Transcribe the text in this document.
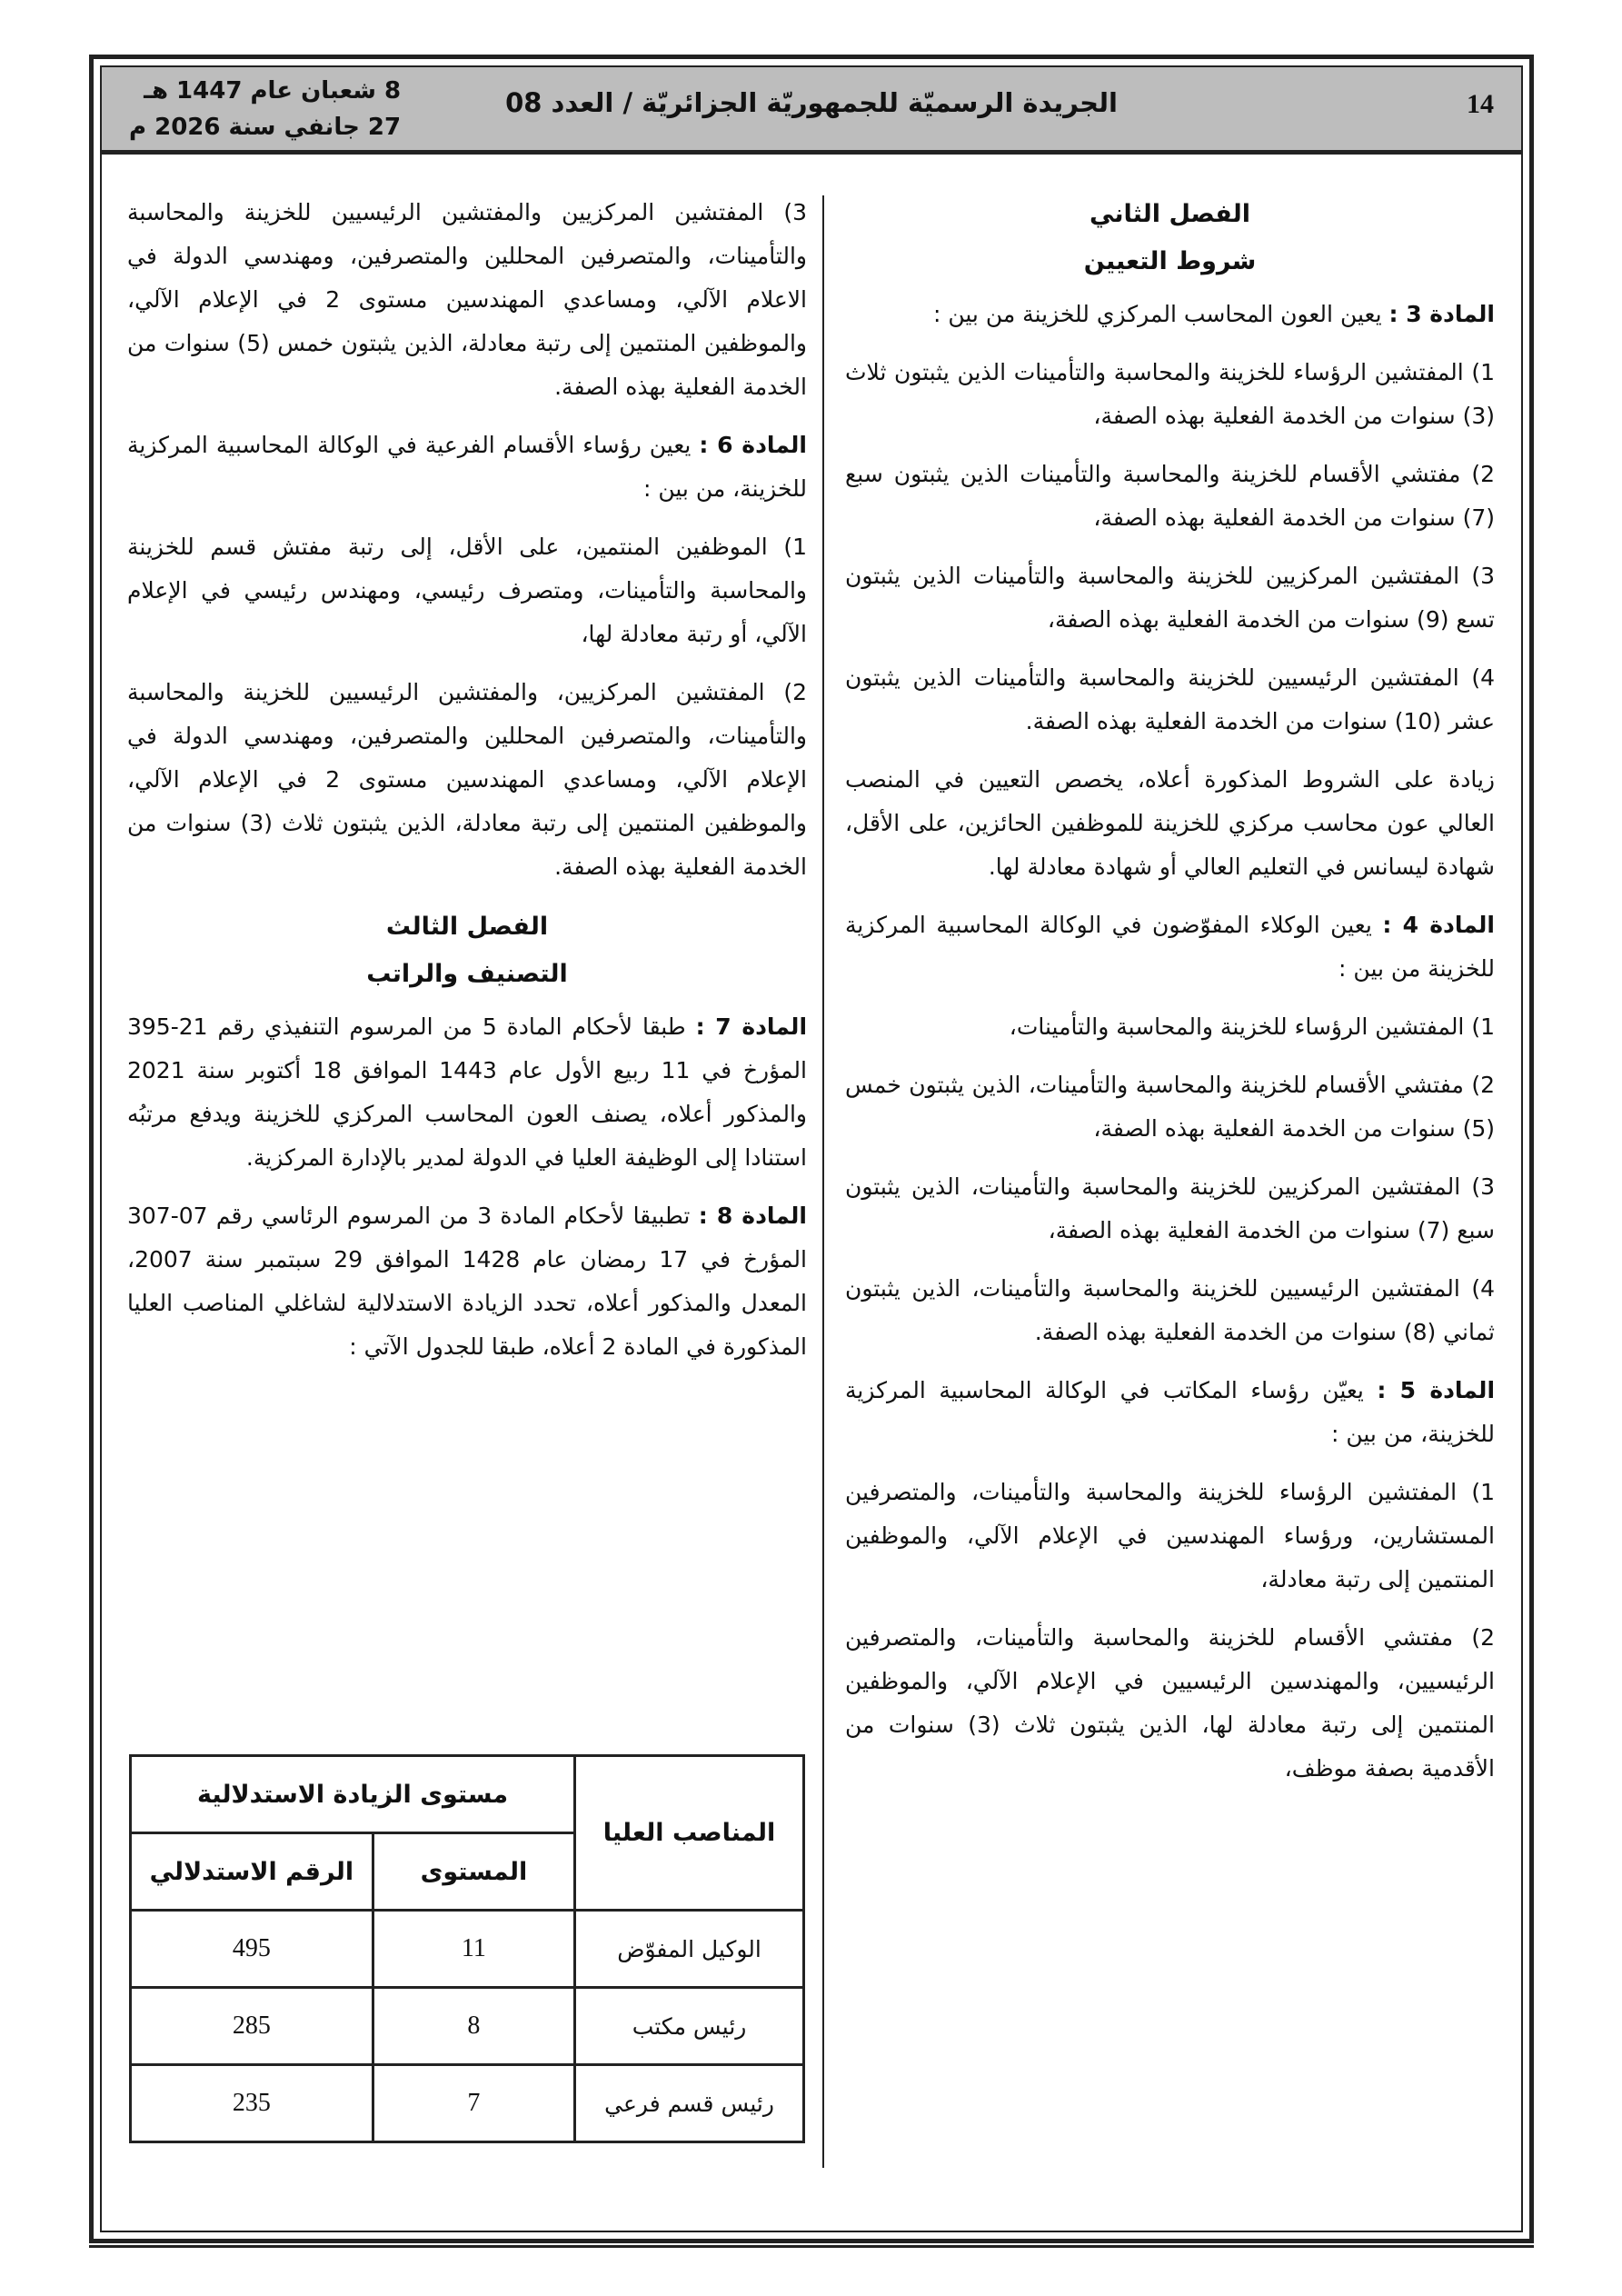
14
الجريدة الرسميّة للجمهوريّة الجزائريّة / العدد 08
8 شعبان عام 1447 هـ
27 جانفي سنة 2026 م
الفصل الثاني
شروط التعيين

المادة 3 : يعين العون المحاسب المركزي للخزينة من بين :

1) المفتشين الرؤساء للخزينة والمحاسبة والتأمينات الذين يثبتون ثلاث (3) سنوات من الخدمة الفعلية بهذه الصفة،

2) مفتشي الأقسام للخزينة والمحاسبة والتأمينات الذين يثبتون سبع (7) سنوات من الخدمة الفعلية بهذه الصفة،

3) المفتشين المركزيين للخزينة والمحاسبة والتأمينات الذين يثبتون تسع (9) سنوات من الخدمة الفعلية بهذه الصفة،

4) المفتشين الرئيسيين للخزينة والمحاسبة والتأمينات الذين يثبتون عشر (10) سنوات من الخدمة الفعلية بهذه الصفة.

زيادة على الشروط المذكورة أعلاه، يخصص التعيين في المنصب العالي عون محاسب مركزي للخزينة للموظفين الحائزين، على الأقل، شهادة ليسانس في التعليم العالي أو شهادة معادلة لها.

المادة 4 : يعين الوكلاء المفوّضون في الوكالة المحاسبية المركزية للخزينة من بين :

1) المفتشين الرؤساء للخزينة والمحاسبة والتأمينات،

2) مفتشي الأقسام للخزينة والمحاسبة والتأمينات، الذين يثبتون خمس (5) سنوات من الخدمة الفعلية بهذه الصفة،

3) المفتشين المركزيين للخزينة والمحاسبة والتأمينات، الذين يثبتون سبع (7) سنوات من الخدمة الفعلية بهذه الصفة،

4) المفتشين الرئيسيين للخزينة والمحاسبة والتأمينات، الذين يثبتون ثماني (8) سنوات من الخدمة الفعلية بهذه الصفة.

المادة 5 : يعيّن رؤساء المكاتب في الوكالة المحاسبية المركزية للخزينة، من بين :

1) المفتشين الرؤساء للخزينة والمحاسبة والتأمينات، والمتصرفين المستشارين، ورؤساء المهندسين في الإعلام الآلي، والموظفين المنتمين إلى رتبة معادلة،

2) مفتشي الأقسام للخزينة والمحاسبة والتأمينات، والمتصرفين الرئيسيين، والمهندسين الرئيسيين في الإعلام الآلي، والموظفين المنتمين إلى رتبة معادلة لها، الذين يثبتون ثلاث (3) سنوات من الأقدمية بصفة موظف،

3) المفتشين المركزيين والمفتشين الرئيسيين للخزينة والمحاسبة والتأمينات، والمتصرفين المحللين والمتصرفين، ومهندسي الدولة في الاعلام الآلي، ومساعدي المهندسين مستوى 2 في الإعلام الآلي، والموظفين المنتمين إلى رتبة معادلة، الذين يثبتون خمس (5) سنوات من الخدمة الفعلية بهذه الصفة.

المادة 6 : يعين رؤساء الأقسام الفرعية في الوكالة المحاسبية المركزية للخزينة، من بين :

1) الموظفين المنتمين، على الأقل، إلى رتبة مفتش قسم للخزينة والمحاسبة والتأمينات، ومتصرف رئيسي، ومهندس رئيسي في الإعلام الآلي، أو رتبة معادلة لها،

2) المفتشين المركزيين، والمفتشين الرئيسيين للخزينة والمحاسبة والتأمينات، والمتصرفين المحللين والمتصرفين، ومهندسي الدولة في الإعلام الآلي، ومساعدي المهندسين مستوى 2 في الإعلام الآلي، والموظفين المنتمين إلى رتبة معادلة، الذين يثبتون ثلاث (3) سنوات من الخدمة الفعلية بهذه الصفة.

الفصل الثالث
التصنيف والراتب

المادة 7 : طبقا لأحكام المادة 5 من المرسوم التنفيذي رقم 21-395 المؤرخ في 11 ربيع الأول عام 1443 الموافق 18 أكتوبر سنة 2021 والمذكور أعلاه، يصنف العون المحاسب المركزي للخزينة ويدفع مرتبُه استنادا إلى الوظيفة العليا في الدولة لمدير بالإدارة المركزية.

المادة 8 : تطبيقا لأحكام المادة 3 من المرسوم الرئاسي رقم 07-307 المؤرخ في 17 رمضان عام 1428 الموافق 29 سبتمبر سنة 2007، المعدل والمذكور أعلاه، تحدد الزيادة الاستدلالية لشاغلي المناصب العليا المذكورة في المادة 2 أعلاه، طبقا للجدول الآتي :

المناصب العليا	مستوى الزيادة الاستدلالية	
	المستوى	الرقم الاستدلالي
الوكيل المفوّض	11	495
رئيس مكتب	8	285
رئيس قسم فرعي	7	235
